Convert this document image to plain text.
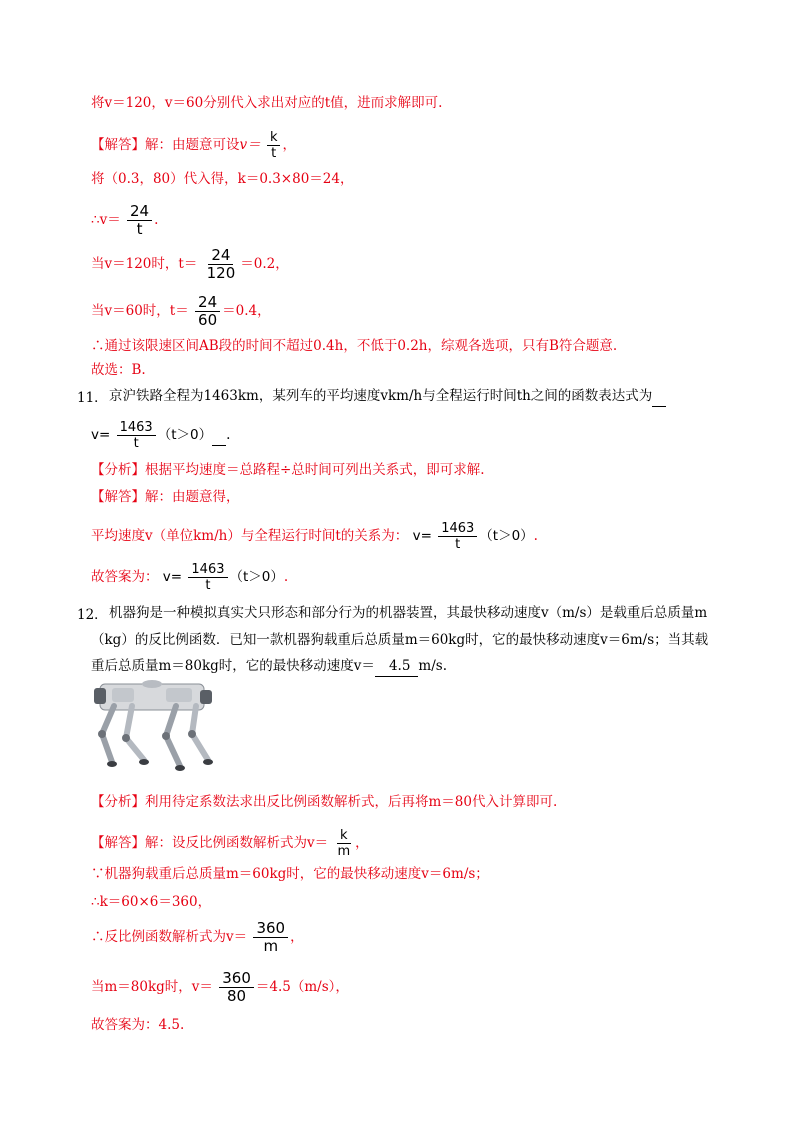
将v＝120，v＝60分别代入求出对应的t值，进而求解即可.
【解答】解：由题意可设$v= \frac{k}{t}$ ，
将（0.3，80）代入得，k＝0.3×80＝24，
∴v＝ $\frac{24}{t}$ .
当v＝120时，$t= \frac{24}{120} =0.2$，
当v＝60时，$t= \frac{24}{60} =0.4$，
∴通过该限速区间AB段的时间不超过0.4h，不低于0.2h，综观各选项，只有B符合题意.
故选：B.
11． 京沪铁路全程为1463km，某列车的平均速度vkm/h与全程运行时间th之间的函数表达式为
$v= \frac{1463}{t} (t>0)$ .
【分析】根据平均速度＝总路程÷总时间可列出关系式，即可求解.
【解答】解：由题意得，
平均速度v（单位km/h）与全程运行时间t的关系为： $v= \frac{1463}{t} (t>0)$.
故答案为： $v= \frac{1463}{t} (t>0)$.
12． 机器狗是一种模拟真实犬只形态和部分行为的机器装置，其最快移动速度v（m/s）是载重后总质量m
（kg）的反比例函数．已知一款机器狗载重后总质量m＝60kg时，它的最快移动速度v＝6m/s；当其载
重后总质量m＝80kg时，它的最快移动速度v＝ 4.5 m/s.
【分析】利用待定系数法求出反比例函数解析式，后再将m＝80代入计算即可.
【解答】解：设反比例函数解析式为$v= \frac{k}{m}$ ，
∵机器狗载重后总质量m＝60kg时，它的最快移动速度v＝6m/s；
∴k＝60×6＝360，
∴反比例函数解析式为$v= \frac{360}{m}$ ，
当m＝80kg时，$v= \frac{360}{80} =4.5(m/s)$，
故答案为：4.5.
